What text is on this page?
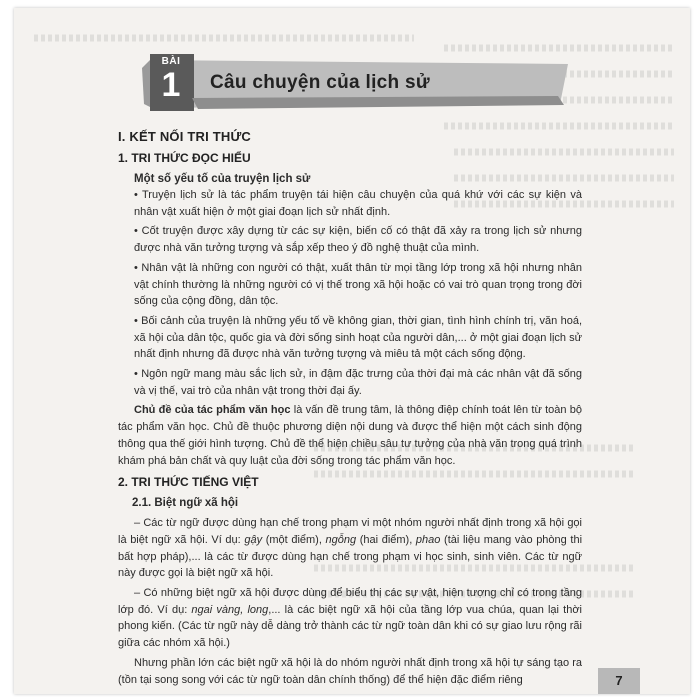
BÀI
1 Câu chuyện của lịch sử
I. KẾT NỐI TRI THỨC
1. TRI THỨC ĐỌC HIỂU
Một số yếu tố của truyện lịch sử
• Truyện lịch sử là tác phẩm truyện tái hiện câu chuyện của quá khứ với các sự kiện và nhân vật xuất hiện ở một giai đoạn lịch sử nhất định.
• Cốt truyện được xây dựng từ các sự kiện, biến cố có thật đã xảy ra trong lịch sử nhưng được nhà văn tưởng tượng và sắp xếp theo ý đồ nghệ thuật của mình.
• Nhân vật là những con người có thật, xuất thân từ mọi tầng lớp trong xã hội nhưng nhân vật chính thường là những người có vị thế trong xã hội hoặc có vai trò quan trọng trong đời sống của cộng đồng, dân tộc.
• Bối cảnh của truyện là những yếu tố về không gian, thời gian, tình hình chính trị, văn hoá, xã hội của dân tộc, quốc gia và đời sống sinh hoạt của người dân,... ở một giai đoạn lịch sử nhất định nhưng đã được nhà văn tưởng tượng và miêu tả một cách sống động.
• Ngôn ngữ mang màu sắc lịch sử, in đậm đặc trưng của thời đại mà các nhân vật đã sống và vị thế, vai trò của nhân vật trong thời đại ấy.
Chủ đề của tác phẩm văn học là vấn đề trung tâm, là thông điệp chính toát lên từ toàn bộ tác phẩm văn học. Chủ đề thuộc phương diện nội dung và được thể hiện một cách sinh động thông qua thế giới hình tượng. Chủ đề thể hiện chiều sâu tư tưởng của nhà văn trong quá trình khám phá bản chất và quy luật của đời sống trong tác phẩm văn học.
2. TRI THỨC TIẾNG VIỆT
2.1. Biệt ngữ xã hội
– Các từ ngữ được dùng hạn chế trong phạm vi một nhóm người nhất định trong xã hội gọi là biệt ngữ xã hội. Ví dụ: gậy (một điểm), ngỗng (hai điểm), phao (tài liệu mang vào phòng thi bất hợp pháp),... là các từ được dùng hạn chế trong phạm vi học sinh, sinh viên. Các từ ngữ này được gọi là biệt ngữ xã hội.
– Có những biệt ngữ xã hội được dùng để biểu thị các sự vật, hiện tượng chỉ có trong tầng lớp đó. Ví dụ: ngai vàng, long,... là các biệt ngữ xã hội của tầng lớp vua chúa, quan lại thời phong kiến. (Các từ ngữ này dễ dàng trở thành các từ ngữ toàn dân khi có sự giao lưu rộng rãi giữa các nhóm xã hội.)
Nhưng phần lớn các biệt ngữ xã hội là do nhóm người nhất định trong xã hội tự sáng tạo ra (tồn tại song song với các từ ngữ toàn dân chính thống) để thể hiện đặc điểm riêng	7
